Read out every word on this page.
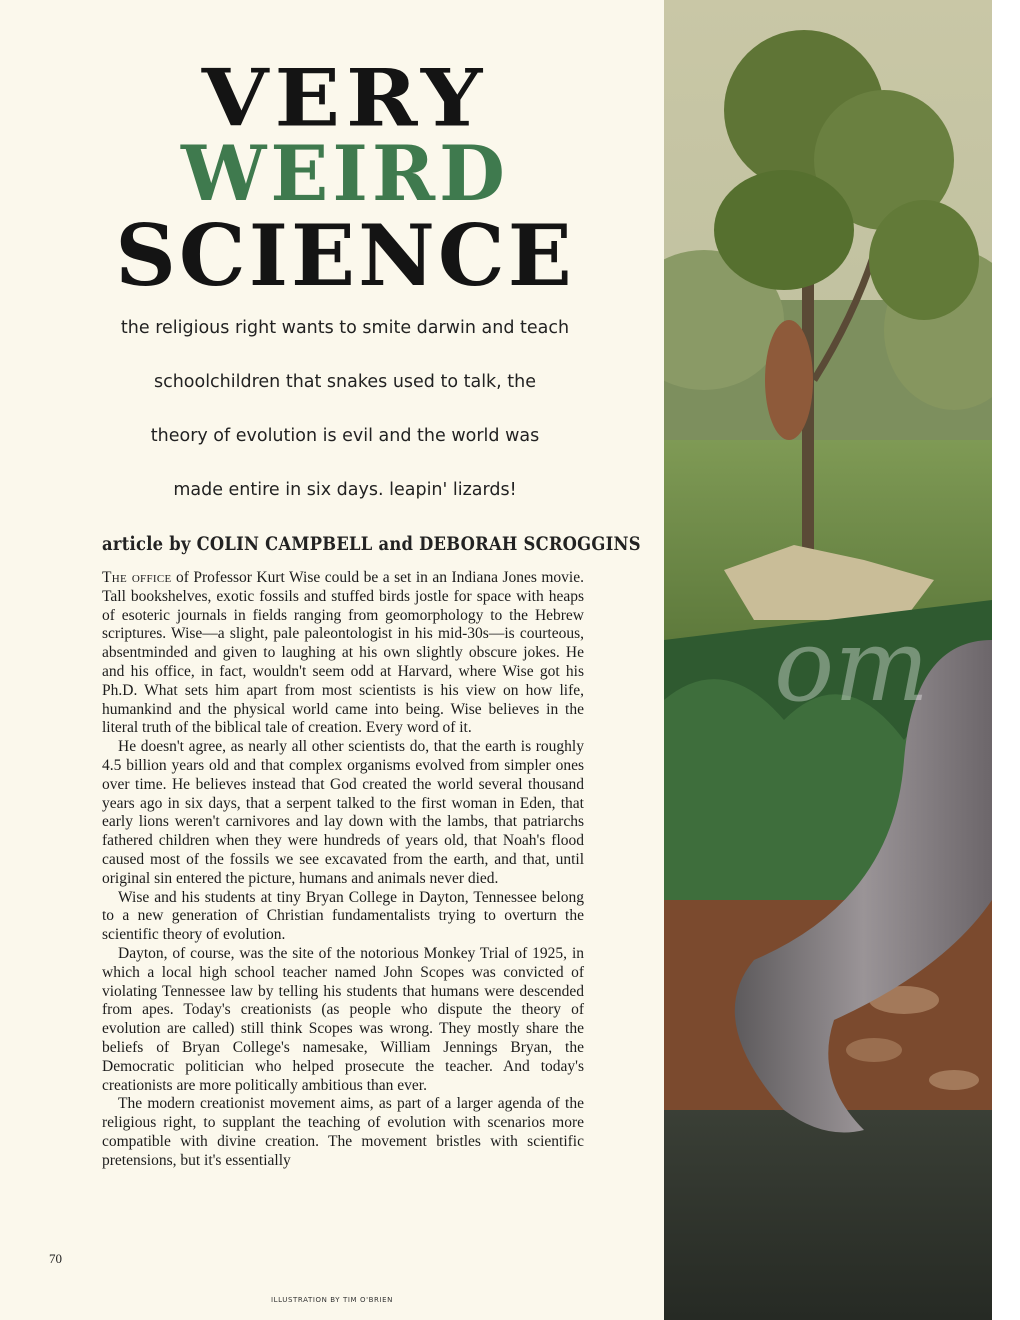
VERY
WEIRD
SCIENCE
the religious right wants to smite darwin and teach
schoolchildren that snakes used to talk, the
theory of evolution is evil and the world was
made entire in six days. leapin' lizards!
article by COLIN CAMPBELL and DEBORAH SCROGGINS

The office of Professor Kurt Wise could be a set in an Indiana Jones movie. Tall bookshelves, exotic fossils and stuffed birds jostle for space with heaps of esoteric journals in fields ranging from geomorphology to the Hebrew scriptures. Wise—a slight, pale paleontologist in his mid-30s—is courteous, absentminded and given to laughing at his own slightly obscure jokes. He and his office, in fact, wouldn't seem odd at Harvard, where Wise got his Ph.D. What sets him apart from most scientists is his view on how life, humankind and the physical world came into being. Wise believes in the literal truth of the biblical tale of creation. Every word of it.

He doesn't agree, as nearly all other scientists do, that the earth is roughly 4.5 billion years old and that complex organisms evolved from simpler ones over time. He believes instead that God created the world several thousand years ago in six days, that a serpent talked to the first woman in Eden, that early lions weren't carnivores and lay down with the lambs, that patriarchs fathered children when they were hundreds of years old, that Noah's flood caused most of the fossils we see excavated from the earth, and that, until original sin entered the picture, humans and animals never died.

Wise and his students at tiny Bryan College in Dayton, Tennessee belong to a new generation of Christian fundamentalists trying to overturn the scientific theory of evolution.

Dayton, of course, was the site of the notorious Monkey Trial of 1925, in which a local high school teacher named John Scopes was convicted of violating Tennessee law by telling his students that humans were descended from apes. Today's creationists (as people who dispute the theory of evolution are called) still think Scopes was wrong. They mostly share the beliefs of Bryan College's namesake, William Jennings Bryan, the Democratic politician who helped prosecute the teacher. And today's creationists are more politically ambitious than ever.

The modern creationist movement aims, as part of a larger agenda of the religious right, to supplant the teaching of evolution with scenarios more compatible with divine creation. The movement bristles with scientific pretensions, but it's essentially

70
ILLUSTRATION BY TIM O'BRIEN
om
